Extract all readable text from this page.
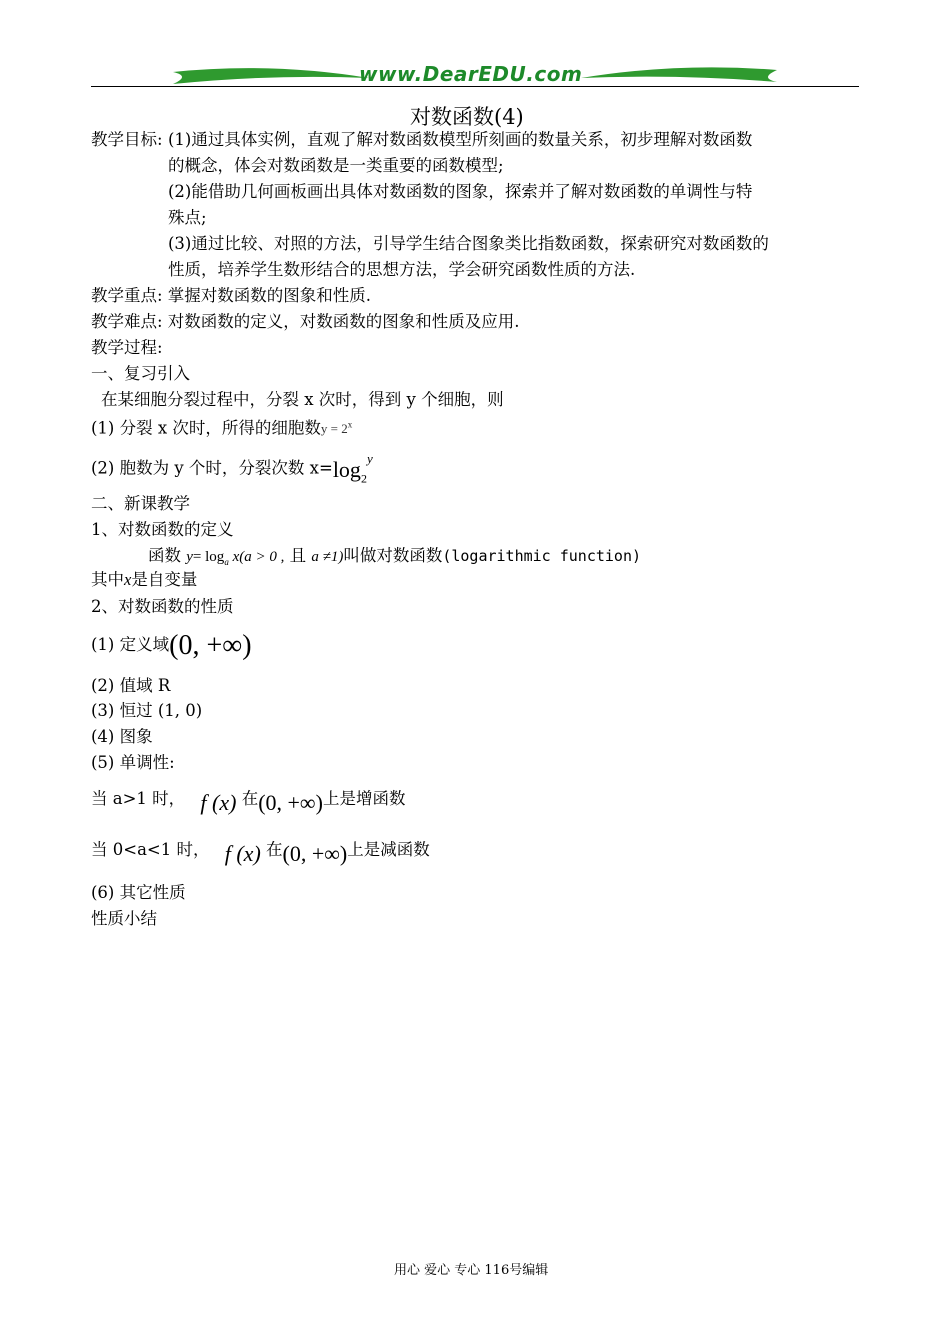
www.DearEDU.com
对数函数(4)
教学目标: (1)通过具体实例，直观了解对数函数模型所刻画的数量关系，初步理解对数函数
的概念，体会对数函数是一类重要的函数模型;
(2)能借助几何画板画出具体对数函数的图象，探索并了解对数函数的单调性与特
殊点;
(3)通过比较、对照的方法，引导学生结合图象类比指数函数，探索研究对数函数的
性质，培养学生数形结合的思想方法，学会研究函数性质的方法.
教学重点: 掌握对数函数的图象和性质.
教学难点: 对数函数的定义，对数函数的图象和性质及应用.
教学过程:
一、复习引入
在某细胞分裂过程中，分裂 x 次时，得到 y 个细胞，则
(1) 分裂 x 次时，所得的细胞数$y = 2^x$
(2) 胞数为 y 个时，分裂次数 $x=\log_2^y$
二、新课教学
1、对数函数的定义
函数 $y= \log_a x(a > 0$ , 且 a ≠1)叫做对数函数(logarithmic function)
其中x是自变量
2、对数函数的性质
(1) 定义域(0, +∞)
(2) 值域 R
(3) 恒过 (1, 0)
(4) 图象
(5) 单调性:
当 a>1 时， f (x) 在(0, +∞)上是增函数
当 0<a<1 时， f (x) 在(0, +∞)上是减函数
(6) 其它性质
性质小结
用心 爱心 专心 116号编辑
